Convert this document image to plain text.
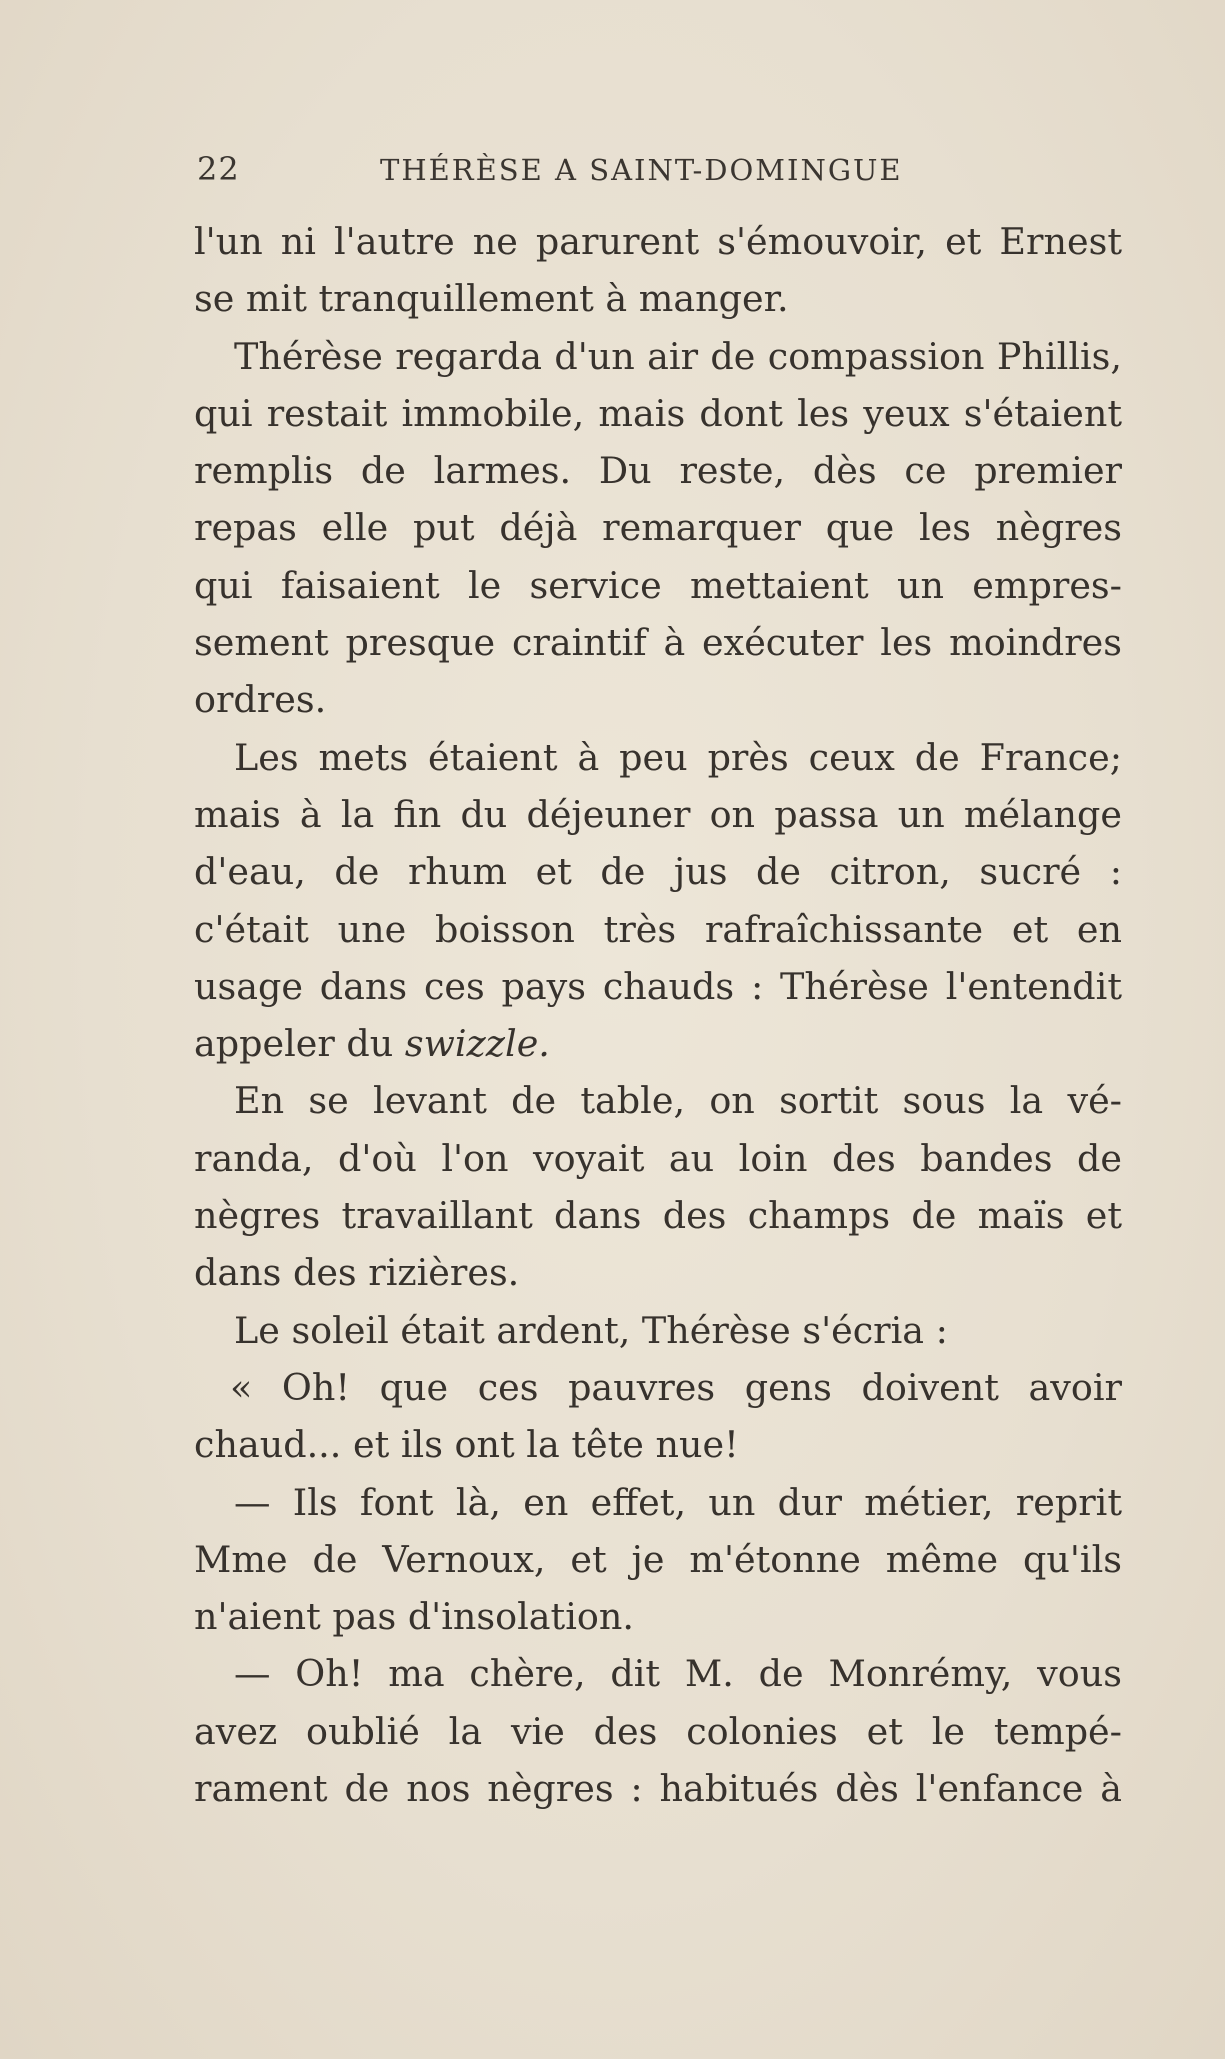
22	THÉRÈSE A SAINT-DOMINGUE
l'un ni l'autre ne parurent s'émouvoir, et Ernest
se mit tranquillement à manger.
Thérèse regarda d'un air de compassion Phillis,
qui restait immobile, mais dont les yeux s'étaient
remplis de larmes. Du reste, dès ce premier
repas elle put déjà remarquer que les nègres
qui faisaient le service mettaient un empres-
sement presque craintif à exécuter les moindres
ordres.
Les mets étaient à peu près ceux de France;
mais à la fin du déjeuner on passa un mélange
d'eau, de rhum et de jus de citron, sucré :
c'était une boisson très rafraîchissante et en
usage dans ces pays chauds : Thérèse l'entendit
appeler du swizzle.
En se levant de table, on sortit sous la vé-
randa, d'où l'on voyait au loin des bandes de
nègres travaillant dans des champs de maïs et
dans des rizières.
Le soleil était ardent, Thérèse s'écria :
« Oh! que ces pauvres gens doivent avoir
chaud... et ils ont la tête nue!
— Ils font là, en effet, un dur métier, reprit
Mme de Vernoux, et je m'étonne même qu'ils
n'aient pas d'insolation.
— Oh! ma chère, dit M. de Monrémy, vous
avez oublié la vie des colonies et le tempé-
rament de nos nègres : habitués dès l'enfance à
